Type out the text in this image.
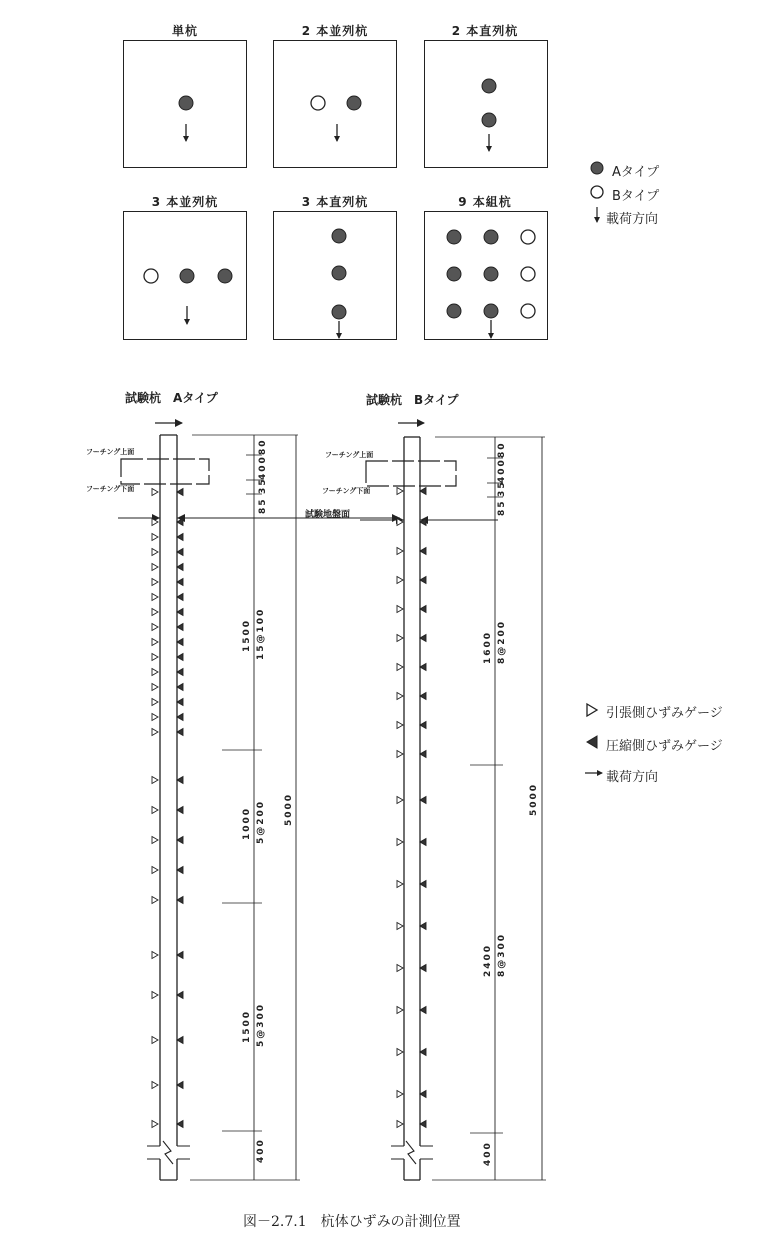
単杭	2 本並列杭	2 本直列杭
3 本並列杭	3 本直列杭	9 本組杭
Aタイプ
Bタイプ
載荷方向
試験杭　Aタイプ	試験杭　Bタイプ
フーチング上面
フーチング下面
フーチング上面
フーチング下面
試験地盤面
80
400
35
85
1500 15@100
1000 5@200
1500 5@300
400
5000
80
400
35
85
1600 8@200
2400 8@300
400
5000
引張側ひずみゲージ
圧縮側ひずみゲージ
載荷方向
図－2.7.1　杭体ひずみの計測位置
